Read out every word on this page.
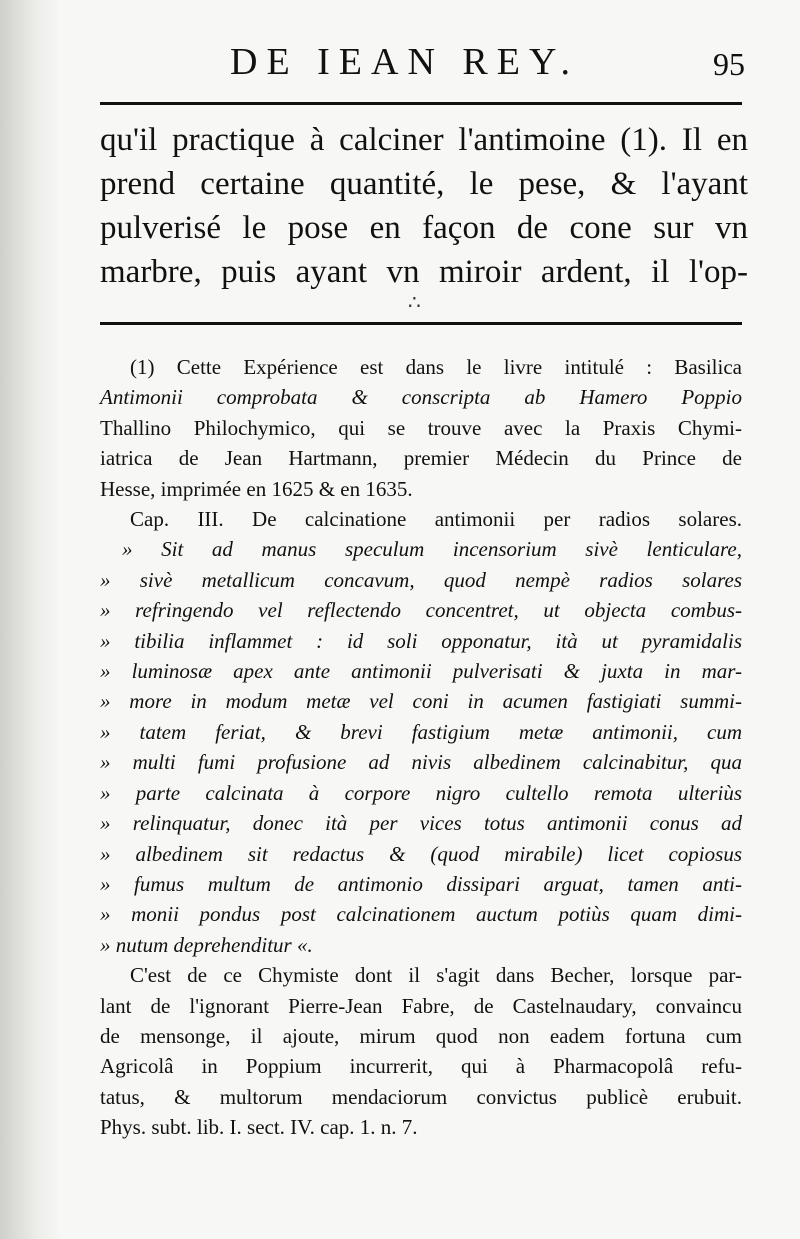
DE IEAN REY.	95
qu'il practique à calciner l'antimoine (1). Il en
prend certaine quantité, le pese, & l'ayant
pulverisé le pose en façon de cone sur vn
marbre, puis ayant vn miroir ardent, il l'op-
∴
(1) Cette Expérience est dans le livre intitulé : Basilica
Antimonii comprobata & conscripta ab Hamero Poppio
Thallino Philochymico, qui se trouve avec la Praxis Chymi-
iatrica de Jean Hartmann, premier Médecin du Prince de
Hesse, imprimée en 1625 & en 1635.
Cap. III. De calcinatione antimonii per radios solares.
» Sit ad manus speculum incensorium sivè lenticulare,
» sivè metallicum concavum, quod nempè radios solares
» refringendo vel reflectendo concentret, ut objecta combus-
» tibilia inflammet : id soli opponatur, ità ut pyramidalis
» luminosæ apex ante antimonii pulverisati & juxta in mar-
» more in modum metæ vel coni in acumen fastigiati summi-
» tatem feriat, & brevi fastigium metæ antimonii, cum
» multi fumi profusione ad nivis albedinem calcinabitur, qua
» parte calcinata à corpore nigro cultello remota ulteriùs
» relinquatur, donec ità per vices totus antimonii conus ad
» albedinem sit redactus & (quod mirabile) licet copiosus
» fumus multum de antimonio dissipari arguat, tamen anti-
» monii pondus post calcinationem auctum potiùs quam dimi-
» nutum deprehenditur «.
C'est de ce Chymiste dont il s'agit dans Becher, lorsque par-
lant de l'ignorant Pierre-Jean Fabre, de Castelnaudary, convaincu
de mensonge, il ajoute, mirum quod non eadem fortuna cum
Agricolâ in Poppium incurrerit, qui à Pharmacopolâ refu-
tatus, & multorum mendaciorum convictus publicè erubuit.
Phys. subt. lib. I. sect. IV. cap. 1. n. 7.
